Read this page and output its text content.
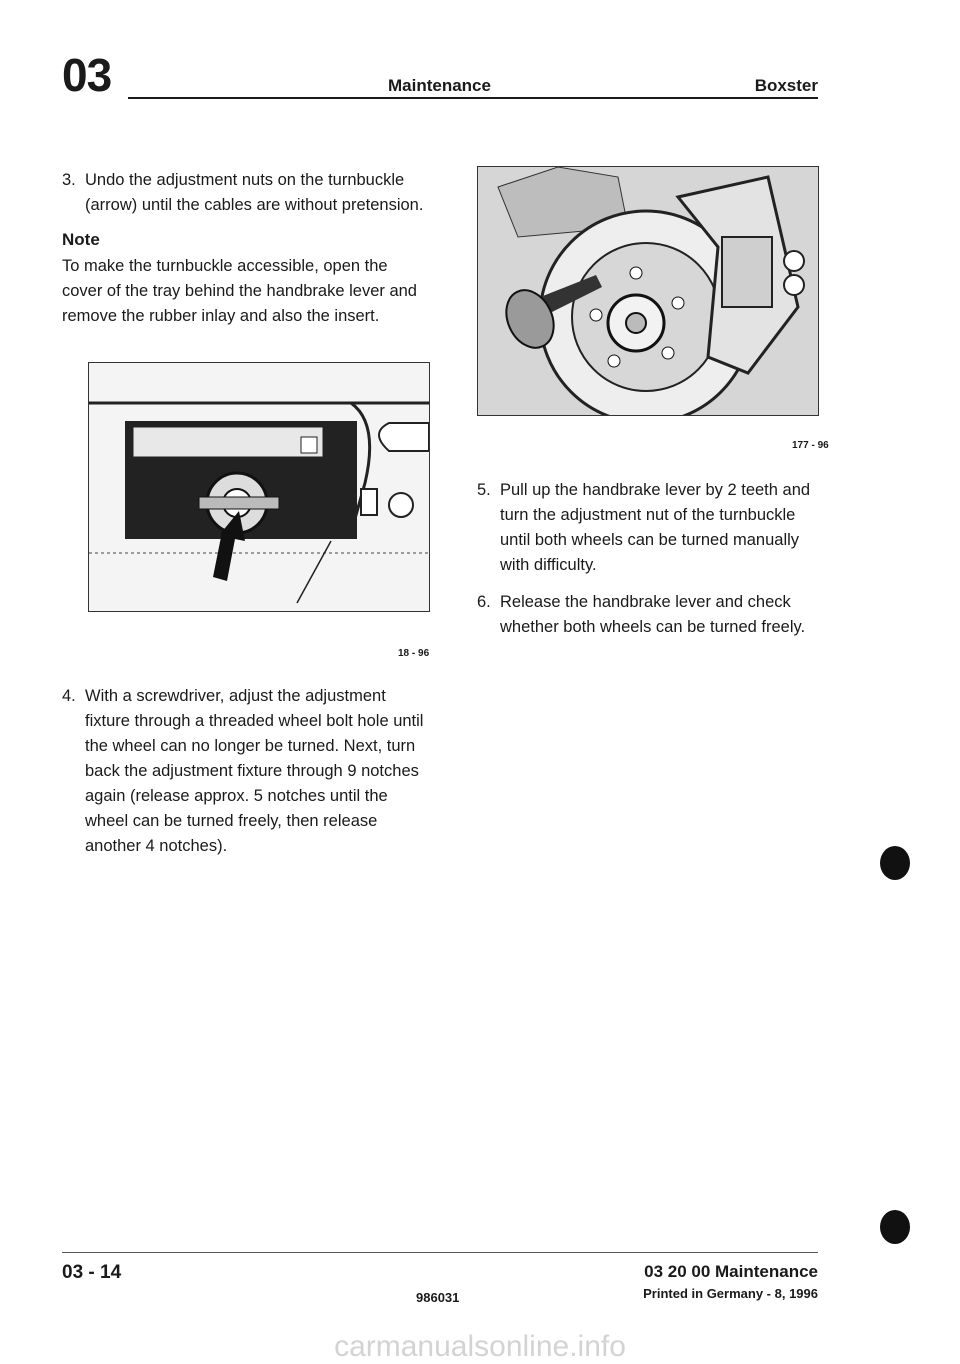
03	Maintenance	Boxster
3. Undo the adjustment nuts on the turnbuckle (arrow) until the cables are without pretension.
Note
To make the turnbuckle accessible, open the cover of the tray behind the handbrake lever and remove the rubber inlay and also the insert.
18 - 96
4. With a screwdriver, adjust the adjustment fixture through a threaded wheel bolt hole until the wheel can no longer be turned. Next, turn back the adjustment fixture through 9 notches again (release approx. 5 notches until the wheel can be turned freely, then release another 4 notches).
177 - 96
5. Pull up the handbrake lever by 2 teeth and turn the adjustment nut of the turnbuckle until both wheels can be turned manually with difficulty.
6. Release the handbrake lever and check whether both wheels can be turned freely.
03 - 14
986031
03 20 00 Maintenance
Printed in Germany - 8, 1996
carmanualsonline.info
